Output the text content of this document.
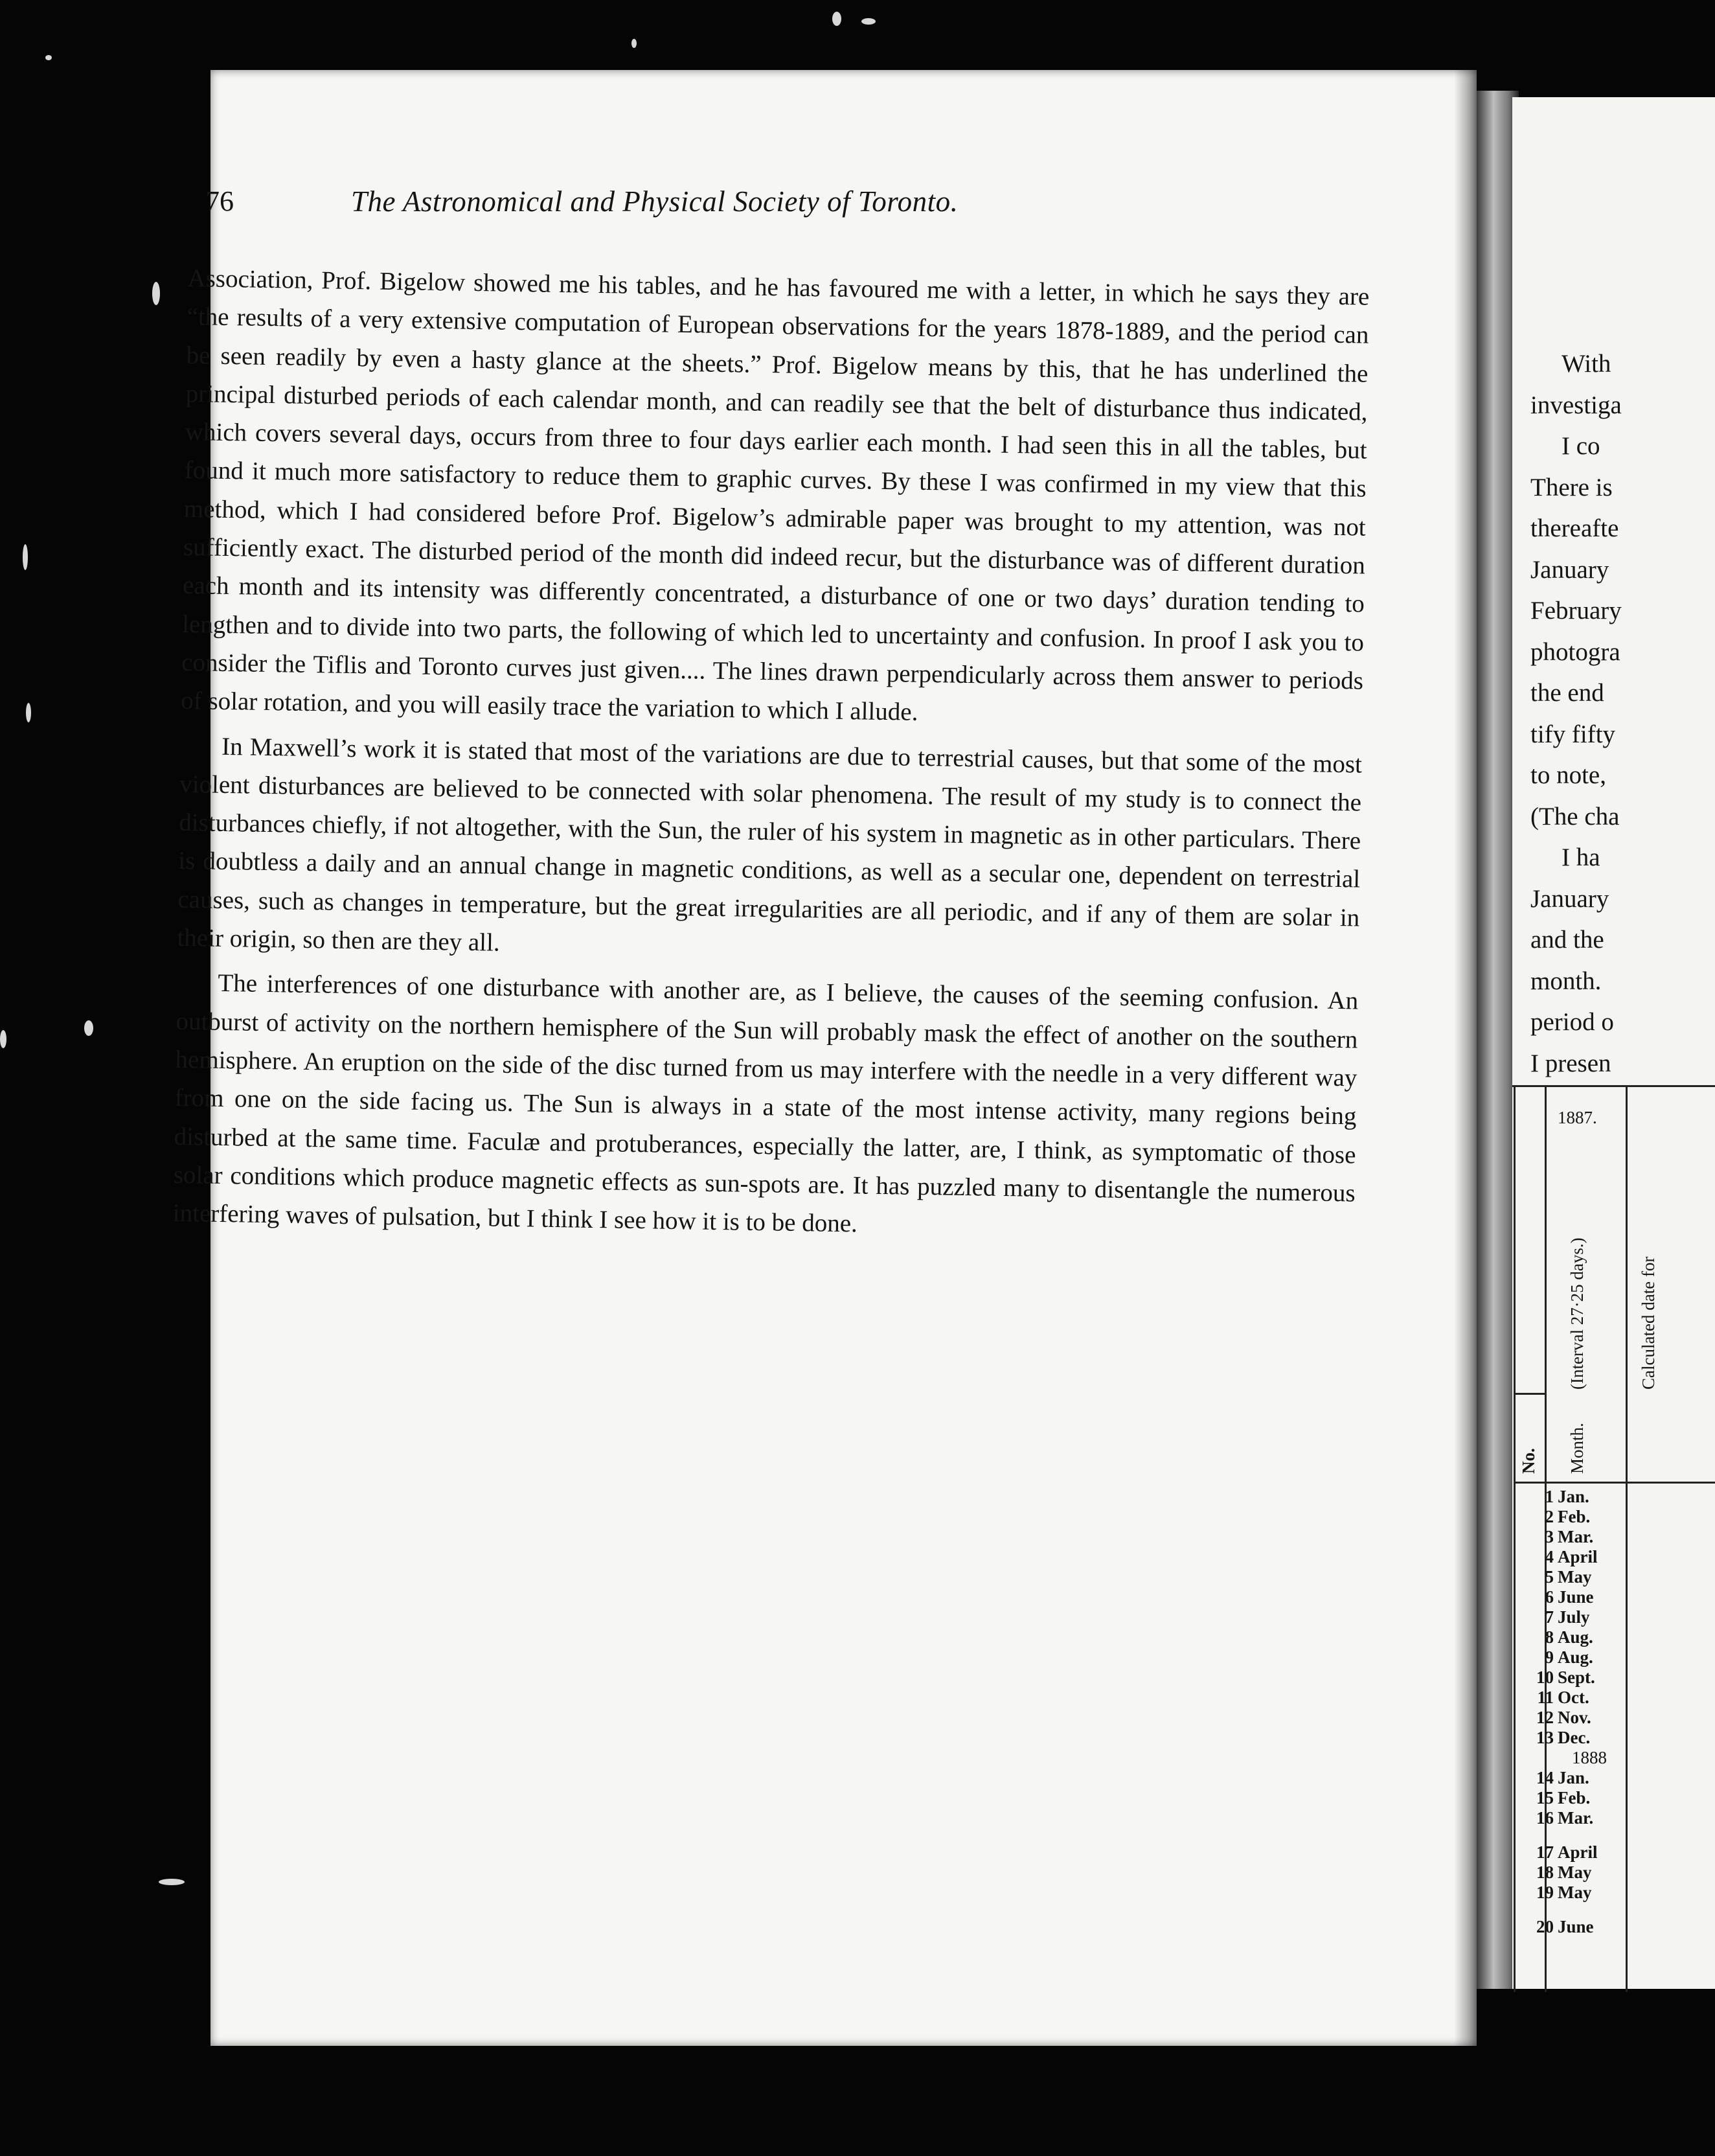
76	The Astronomical and Physical Society of Toronto.

Association, Prof. Bigelow showed me his tables, and he has favoured me with a letter, in which he says they are “the results of a very extensive computation of European observations for the years 1878-1889, and the period can be seen readily by even a hasty glance at the sheets.” Prof. Bigelow means by this, that he has underlined the principal disturbed periods of each calendar month, and can readily see that the belt of disturbance thus indicated, which covers several days, occurs from three to four days earlier each month. I had seen this in all the tables, but found it much more satisfactory to reduce them to graphic curves. By these I was confirmed in my view that this method, which I had considered before Prof. Bigelow’s admirable paper was brought to my attention, was not sufficiently exact. The disturbed period of the month did indeed recur, but the disturbance was of different duration each month and its intensity was differently concentrated, a disturbance of one or two days’ duration tending to lengthen and to divide into two parts, the following of which led to uncertainty and confusion. In proof I ask you to consider the Tiflis and Toronto curves just given.... The lines drawn perpendicularly across them answer to periods of solar rotation, and you will easily trace the variation to which I allude.

In Maxwell’s work it is stated that most of the variations are due to terrestrial causes, but that some of the most violent disturbances are believed to be connected with solar phenomena. The result of my study is to connect the disturbances chiefly, if not altogether, with the Sun, the ruler of his system in magnetic as in other particulars. There is doubtless a daily and an annual change in magnetic conditions, as well as a secular one, dependent on terrestrial causes, such as changes in temperature, but the great irregularities are all periodic, and if any of them are solar in their origin, so then are they all.

The interferences of one disturbance with another are, as I believe, the causes of the seeming confusion. An outburst of activity on the northern hemisphere of the Sun will probably mask the effect of another on the southern hemisphere. An eruption on the side of the disc turned from us may interfere with the needle in a very different way from one on the side facing us. The Sun is always in a state of the most intense activity, many regions being disturbed at the same time. Faculæ and protuberances, especially the latter, are, I think, as symptomatic of those solar conditions which produce magnetic effects as sun-spots are. It has puzzled many to disentangle the numerous interfering waves of pulsation, but I think I see how it is to be done.

With

investiga

I co

There is

thereafte

January

February

photogra

the end

tify fifty

to note,

(The cha

I ha

January

and the

month.

period o

I presen

1887.
(Interval 27·25 days.)	Calculated date for
No. Month.
1 Jan.
2 Feb.
3 Mar.
4 April
5 May
6 June
7 July
8 Aug.
9 Aug.
10 Sept.
11 Oct.
12 Nov.
13 Dec.
1888
14 Jan.
15 Feb.
16 Mar.
17 April
18 May
19 May
20 June
